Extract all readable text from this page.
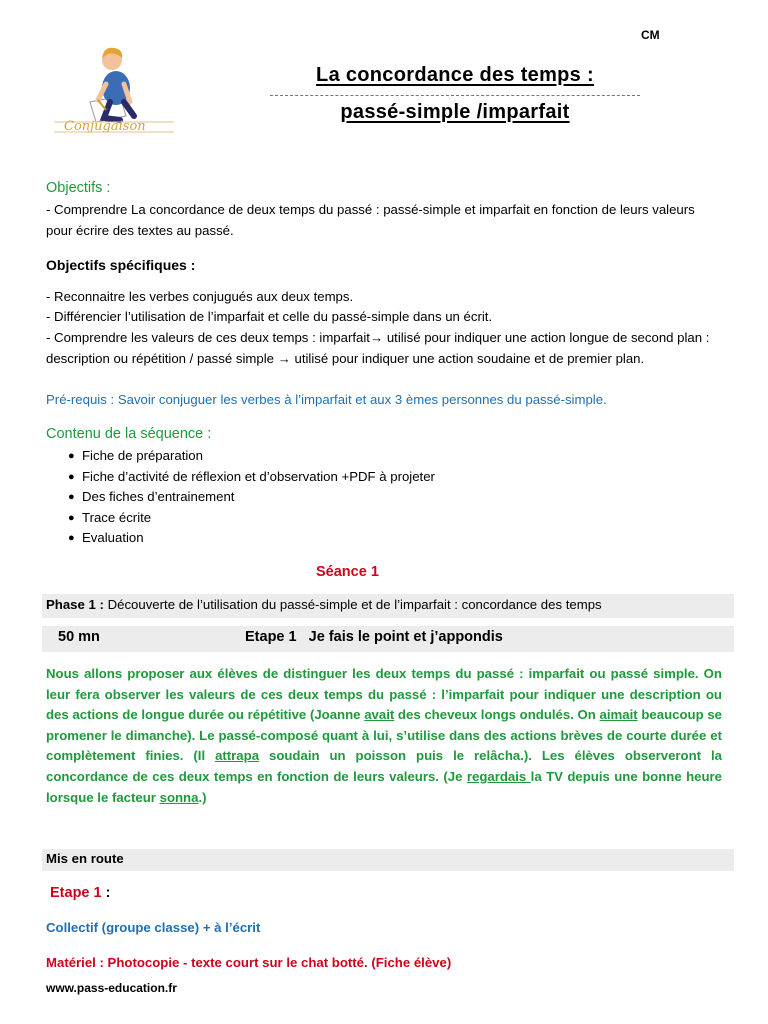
CM
Conjugaison
La concordance des temps :
passé-simple /imparfait
Objectifs :
- Comprendre La concordance de deux temps du passé : passé-simple et imparfait en fonction de leurs valeurs pour écrire des textes au passé.
Objectifs spécifiques :
- Reconnaitre les verbes conjugués aux deux temps.
- Différencier l’utilisation de l’imparfait et celle du passé-simple dans un écrit.
- Comprendre les valeurs de ces deux temps : imparfait→ utilisé pour indiquer une action longue de second plan : description ou répétition / passé simple → utilisé pour indiquer une action soudaine et de premier plan.
Pré-requis : Savoir conjuguer les verbes à l’imparfait et aux 3 èmes personnes du passé-simple.
Contenu de la séquence :
● Fiche de préparation
● Fiche d’activité de réflexion et d’observation +PDF à projeter
● Des fiches d’entrainement
● Trace écrite
● Evaluation
Séance 1
Phase 1 : Découverte de l’utilisation du passé-simple et de l’imparfait : concordance des temps
50 mn	Etape 1   Je fais le point et j’appondis
Nous allons proposer aux élèves de distinguer les deux temps du passé : imparfait ou passé simple. On leur fera observer les valeurs de ces deux temps du passé : l’imparfait pour indiquer une description ou des actions de longue durée ou répétitive (Joanne avait des cheveux longs ondulés. On aimait beaucoup se promener le dimanche). Le passé-composé quant à lui, s’utilise dans des actions brèves de courte durée et complètement finies. (Il attrapa soudain un poisson puis le relâcha.). Les élèves observeront la concordance de ces deux temps en fonction de leurs valeurs. (Je regardais la TV depuis une bonne heure lorsque le facteur sonna.)
Mis en route
Etape 1 :
Collectif (groupe classe) + à l’écrit
Matériel : Photocopie - texte court sur le chat botté. (Fiche élève)
www.pass-education.fr
